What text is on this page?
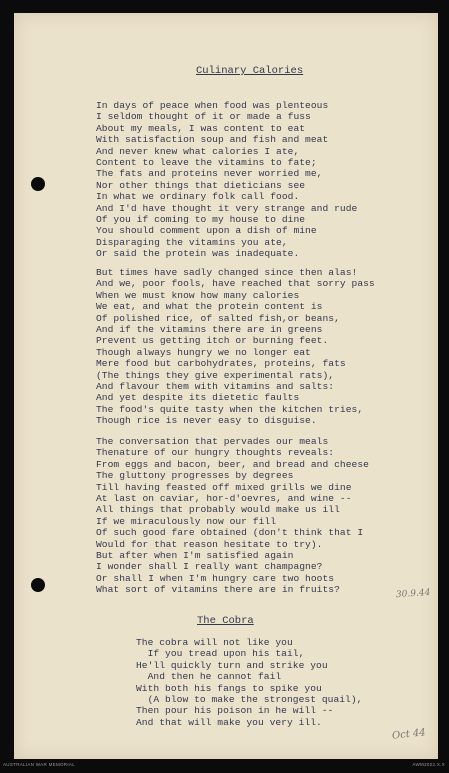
Culinary Calories
In days of peace when food was plenteous
I seldom thought of it or made a fuss
About my meals, I was content to eat
With satisfaction soup and fish and meat
And never knew what calories I ate,
Content to leave the vitamins to fate;
The fats and proteins never worried me,
Nor other things that dieticians see
In what we ordinary folk call food.
And I'd have thought it very strange and rude
Of you if coming to my house to dine
You should comment upon a dish of mine
Disparaging the vitamins you ate,
Or said the protein was inadequate.
But times have sadly changed since then alas!
And we, poor fools, have reached that sorry pass
When we must know how many calories
We eat, and what the protein content is
Of polished rice, of salted fish,or beans,
And if the vitamins there are in greens
Prevent us getting itch or burning feet.
Though always hungry we no longer eat
Mere food but carbohydrates, proteins, fats
(The things they give experimental rats),
And flavour them with vitamins and salts:
And yet despite its dietetic faults
The food's quite tasty when the kitchen tries,
Though rice is never easy to disguise.
The conversation that pervades our meals
Thenature of our hungry thoughts reveals:
From eggs and bacon, beer, and bread and cheese
The gluttony progresses by degrees
Till having feasted off mixed grills we dine
At last on caviar, hor-d'oevres, and wine --
All things that probably would make us ill
If we miraculously now our fill
Of such good fare obtained (don't think that I
Would for that reason hesitate to try).
But after when I'm satisfied again
I wonder shall I really want champagne?
Or shall I when I'm hungry care two hoots
What sort of vitamins there are in fruits?	30.9.44
The Cobra
The cobra will not like you
If you tread upon his tail,
He'll quickly turn and strike you
And then he cannot fail
With both his fangs to spike you
(A blow to make the strongest quail),
Then pour his poison in he will --
And that will make you very ill.
Oct 44
AUSTRALIAN WAR MEMORIAL	AWM2022.X.X
